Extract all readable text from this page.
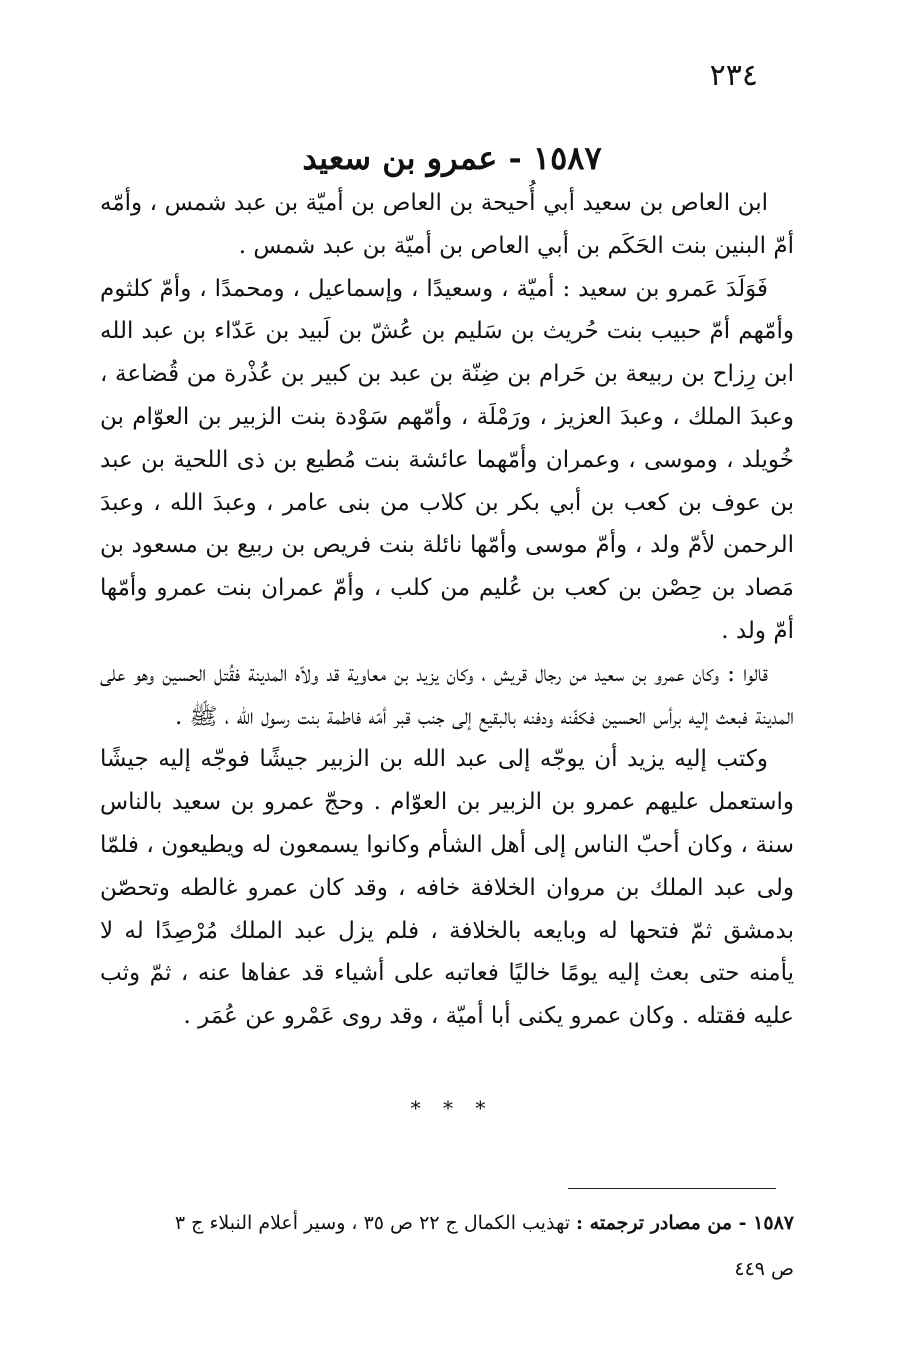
٢٣٤
١٥٨٧ - عمرو بن سعيد

ابن العاص بن سعيد أبي أُحيحة بن العاص بن أميّة بن عبد شمس ، وأمّه أمّ البنين بنت الحَكَم بن أبي العاص بن أميّة بن عبد شمس .

فَوَلَدَ عَمرو بن سعيد : أميّة ، وسعيدًا ، وإسماعيل ، ومحمدًا ، وأمّ كلثوم وأمّهم أمّ حبيب بنت حُريث بن سَليم بن عُشّ بن لَبيد بن عَدّاء بن عبد الله ابن رِزاح بن ربيعة بن حَرام بن ضِنّة بن عبد بن كبير بن عُذْرة من قُضاعة ، وعبدَ الملك ، وعبدَ العزيز ، ورَمْلَة ، وأمّهم سَوْدة بنت الزبير بن العوّام بن خُويلد ، وموسى ، وعمران وأمّهما عائشة بنت مُطيع بن ذى اللحية بن عبد بن عوف بن كعب بن أبي بكر بن كلاب من بنى عامر ، وعبدَ الله ، وعبدَ الرحمن لأمّ ولد ، وأمّ موسى وأمّها نائلة بنت فريص بن ربيع بن مسعود بن مَصاد بن حِصْن بن كعب بن عُليم من كلب ، وأمّ عمران بنت عمرو وأمّها أمّ ولد .

قالوا : وكان عمرو بن سعيد من رجال قريش ، وكان يزيد بن معاوية قد ولاّه المدينة فقُتل الحسين وهو على المدينة فبعث إليه برأس الحسين فكفّنه ودفنه بالبقيع إلى جنب قبر أمّه فاطمة بنت رسول الله ، ﷺ .

وكتب إليه يزيد أن يوجّه إلى عبد الله بن الزبير جيشًا فوجّه إليه جيشًا واستعمل عليهم عمرو بن الزبير بن العوّام . وحجّ عمرو بن سعيد بالناس سنة ، وكان أحبّ الناس إلى أهل الشأم وكانوا يسمعون له ويطيعون ، فلمّا ولى عبد الملك بن مروان الخلافة خافه ، وقد كان عمرو غالطه وتحصّن بدمشق ثمّ فتحها له وبايعه بالخلافة ، فلم يزل عبد الملك مُرْصِدًا له لا يأمنه حتى بعث إليه يومًا خاليًا فعاتبه على أشياء قد عفاها عنه ، ثمّ وثب عليه فقتله . وكان عمرو يكنى أبا أميّة ، وقد روى عَمْرو عن عُمَر .

* * *
١٥٨٧ - من مصادر ترجمته : تهذيب الكمال ج ٢٢ ص ٣٥ ، وسير أعلام النبلاء ج ٣
ص ٤٤٩
